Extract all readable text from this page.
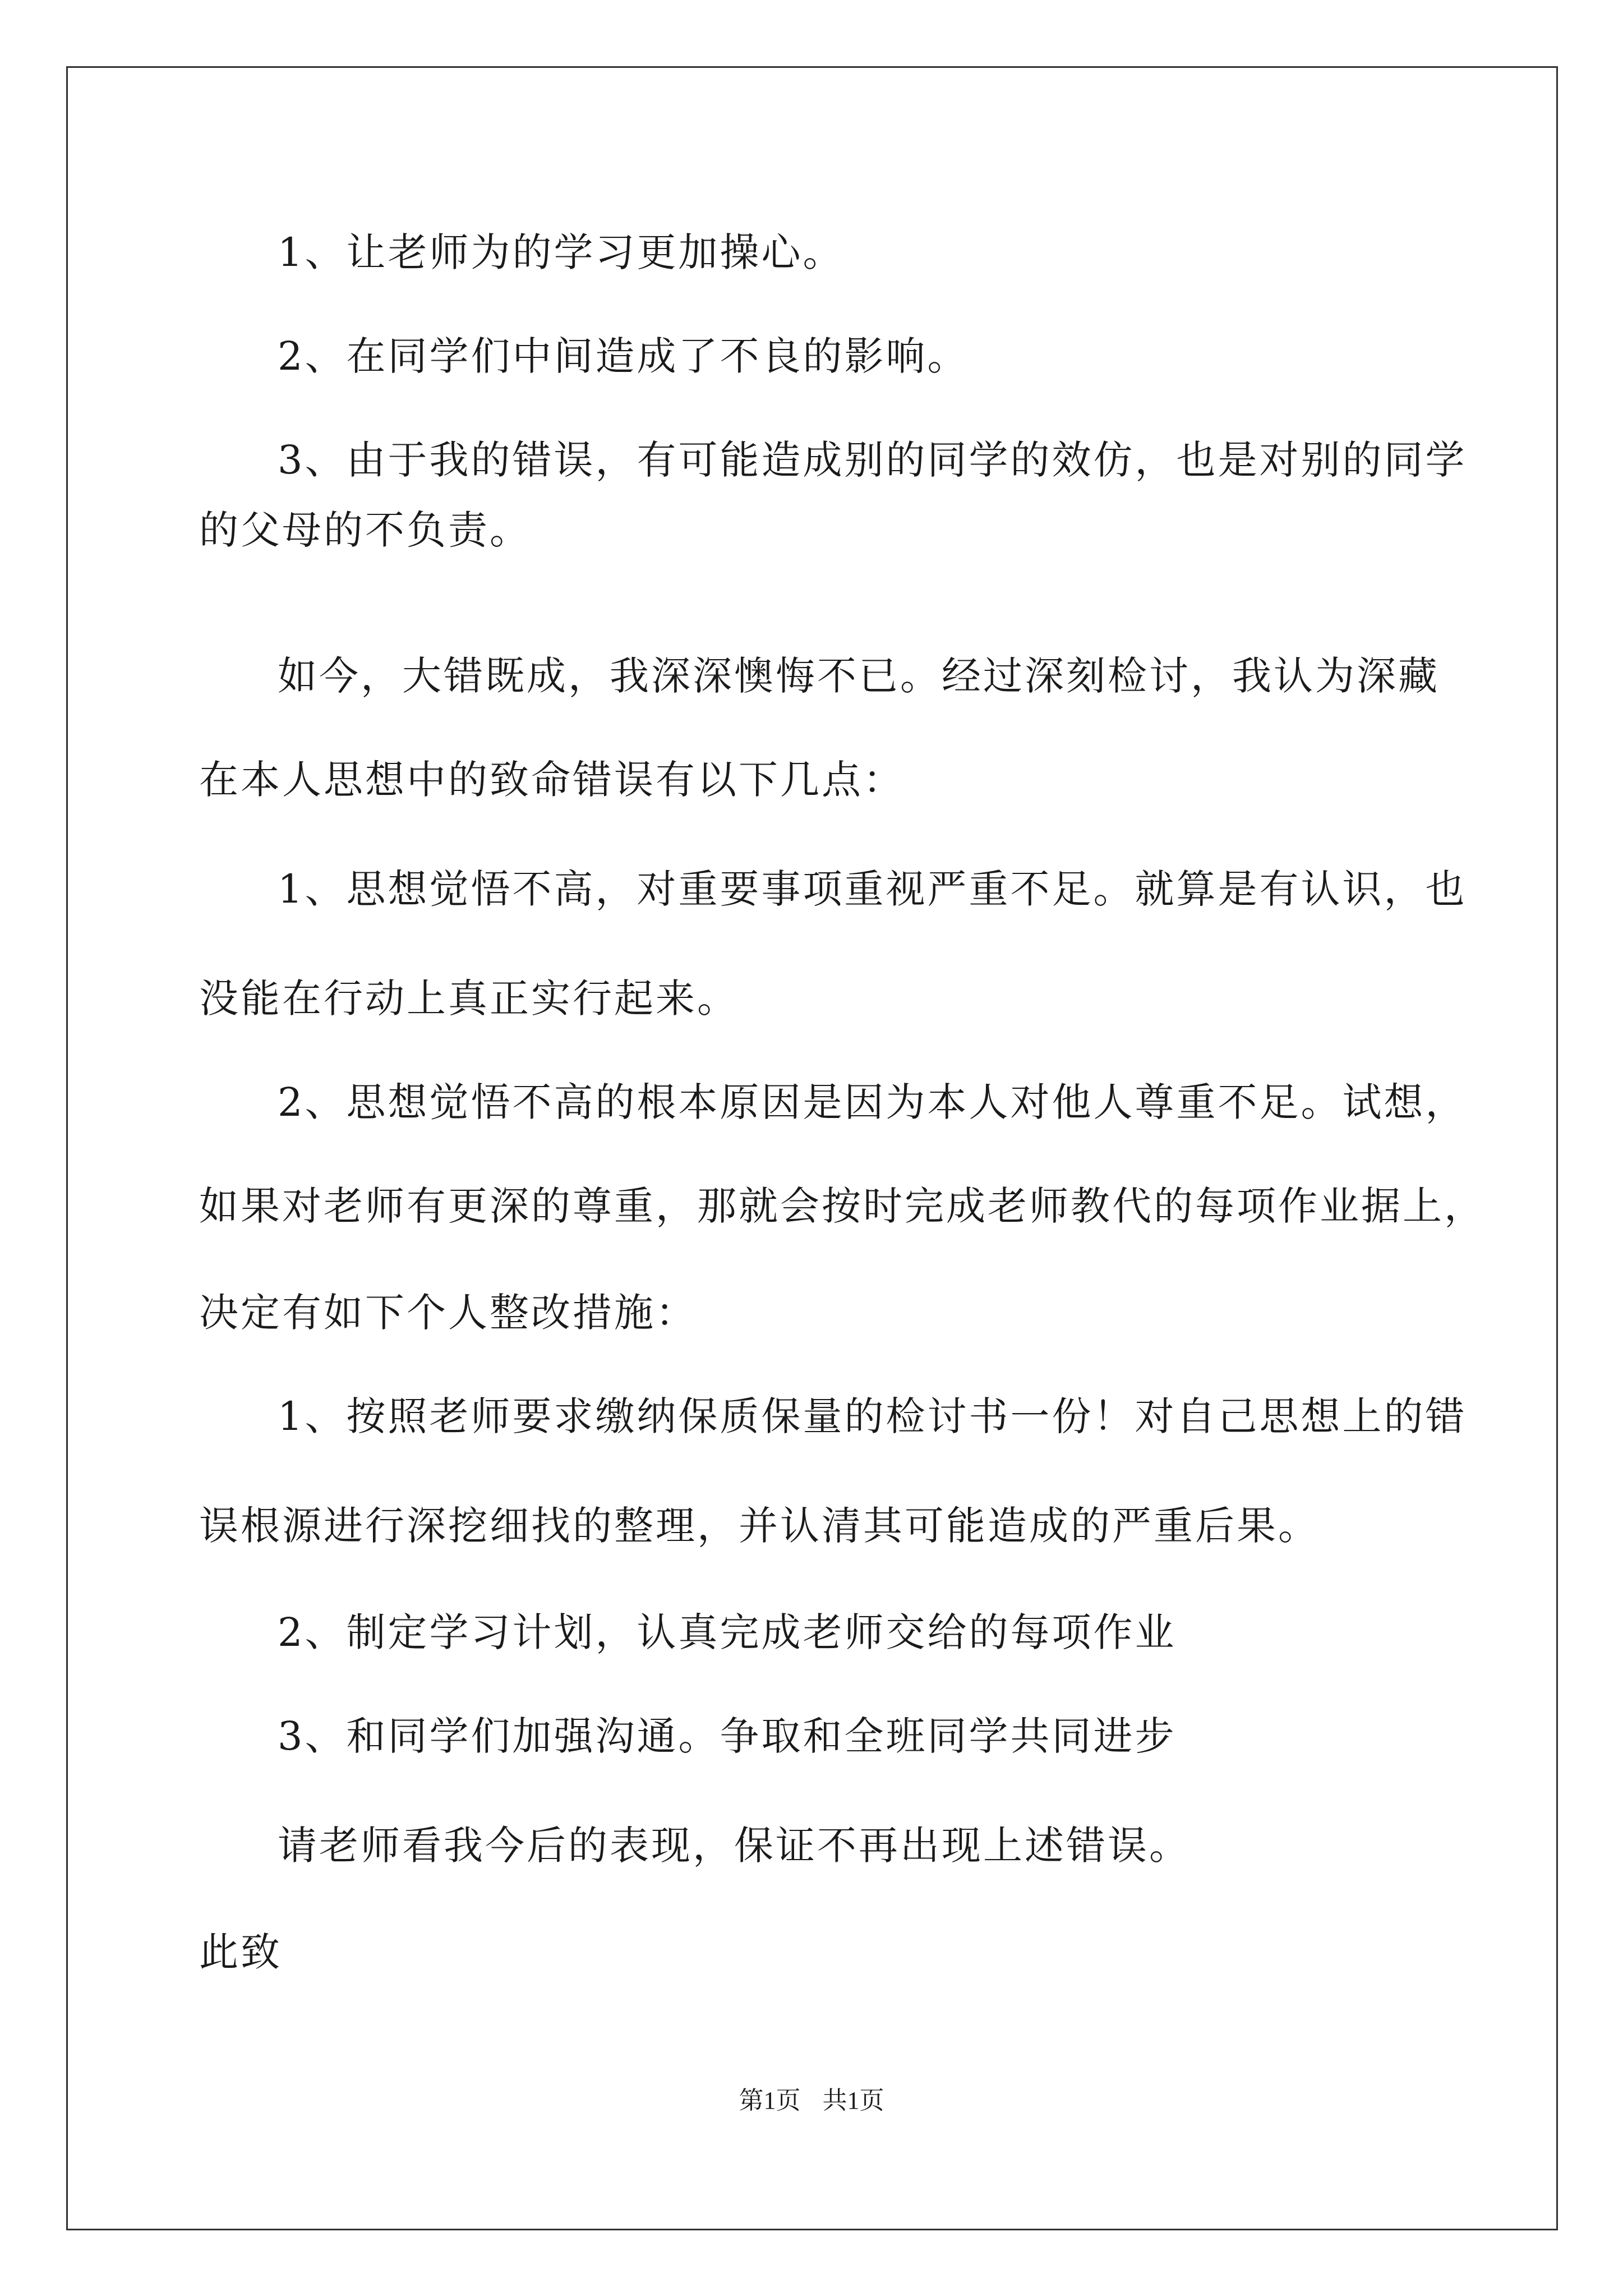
1、让老师为的学习更加操心。
2、在同学们中间造成了不良的影响。
3、由于我的错误，有可能造成别的同学的效仿，也是对别的同学
的父母的不负责。
如今，大错既成，我深深懊悔不已。经过深刻检讨，我认为深藏
在本人思想中的致命错误有以下几点：
1、思想觉悟不高，对重要事项重视严重不足。就算是有认识，也
没能在行动上真正实行起来。
2、思想觉悟不高的根本原因是因为本人对他人尊重不足。试想，
如果对老师有更深的尊重，那就会按时完成老师教代的每项作业据上，
决定有如下个人整改措施：
1、按照老师要求缴纳保质保量的检讨书一份！对自己思想上的错
误根源进行深挖细找的整理，并认清其可能造成的严重后果。
2、制定学习计划，认真完成老师交给的每项作业
3、和同学们加强沟通。争取和全班同学共同进步
请老师看我今后的表现，保证不再出现上述错误。
此致
第1页 共1页
